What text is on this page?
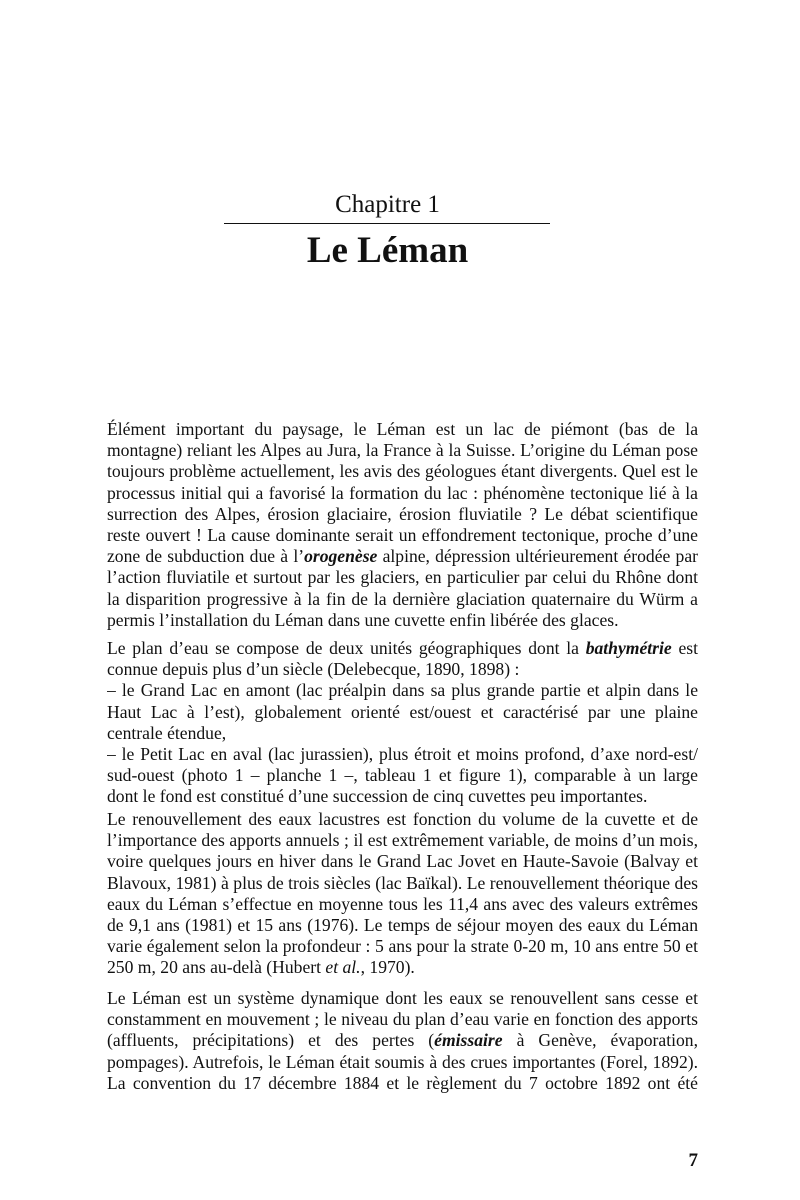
Chapitre 1
Le Léman
Élément important du paysage, le Léman est un lac de piémont (bas de la
montagne) reliant les Alpes au Jura, la France à la Suisse. L’origine du Léman pose
toujours problème actuellement, les avis des géologues étant divergents. Quel est le
processus initial qui a favorisé la formation du lac : phénomène tectonique lié à la
surrection des Alpes, érosion glaciaire, érosion fluviatile ? Le débat scientifique
reste ouvert ! La cause dominante serait un effondrement tectonique, proche d’une
zone de subduction due à l’orogenèse alpine, dépression ultérieurement érodée par
l’action fluviatile et surtout par les glaciers, en particulier par celui du Rhône dont
la disparition progressive à la fin de la dernière glaciation quaternaire du Würm a
permis l’installation du Léman dans une cuvette enfin libérée des glaces.
Le plan d’eau se compose de deux unités géographiques dont la bathymétrie est
connue depuis plus d’un siècle (Delebecque, 1890, 1898) :
– le Grand Lac en amont (lac préalpin dans sa plus grande partie et alpin dans le
Haut Lac à l’est), globalement orienté est/ouest et caractérisé par une plaine
centrale étendue,
– le Petit Lac en aval (lac jurassien), plus étroit et moins profond, d’axe nord-est/
sud-ouest (photo 1 – planche 1 –, tableau 1 et figure 1), comparable à un large
dont le fond est constitué d’une succession de cinq cuvettes peu importantes.
Le renouvellement des eaux lacustres est fonction du volume de la cuvette et de
l’importance des apports annuels ; il est extrêmement variable, de moins d’un mois,
voire quelques jours en hiver dans le Grand Lac Jovet en Haute-Savoie (Balvay et
Blavoux, 1981) à plus de trois siècles (lac Baïkal). Le renouvellement théorique des
eaux du Léman s’effectue en moyenne tous les 11,4 ans avec des valeurs extrêmes
de 9,1 ans (1981) et 15 ans (1976). Le temps de séjour moyen des eaux du Léman
varie également selon la profondeur : 5 ans pour la strate 0-20 m, 10 ans entre 50 et
250 m, 20 ans au-delà (Hubert et al., 1970).
Le Léman est un système dynamique dont les eaux se renouvellent sans cesse et
constamment en mouvement ; le niveau du plan d’eau varie en fonction des apports
(affluents, précipitations) et des pertes (émissaire à Genève, évaporation,
pompages). Autrefois, le Léman était soumis à des crues importantes (Forel, 1892).
La convention du 17 décembre 1884 et le règlement du 7 octobre 1892 ont été
7
